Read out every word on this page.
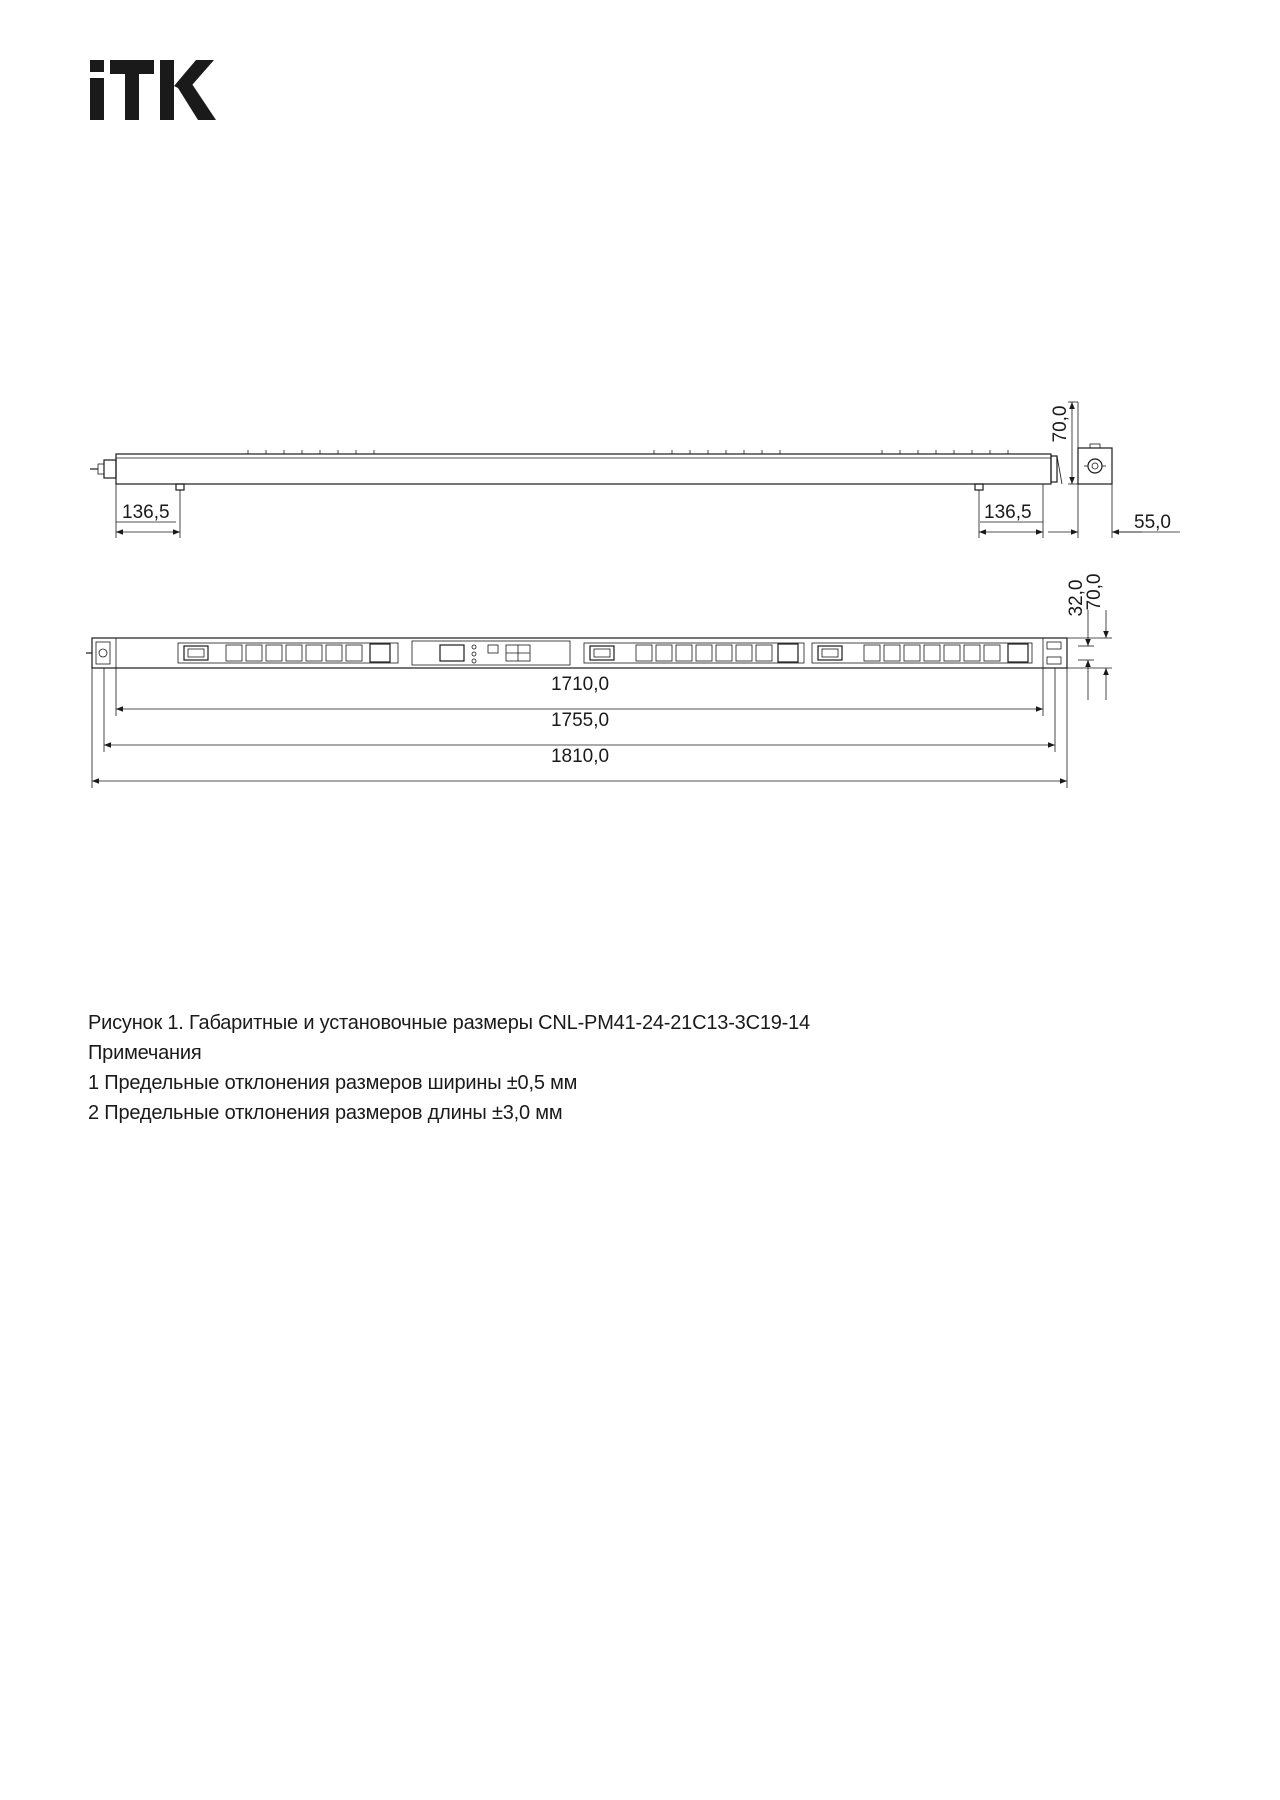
136,5	136,5
70,0
55,0
32,0
70,0
1710,0
1755,0
1810,0
Рисунок 1. Габаритные и установочные размеры CNL-PM41-24-21C13-3C19-14
Примечания
1 Предельные отклонения размеров ширины ±0,5 мм
2 Предельные отклонения размеров длины ±3,0 мм
